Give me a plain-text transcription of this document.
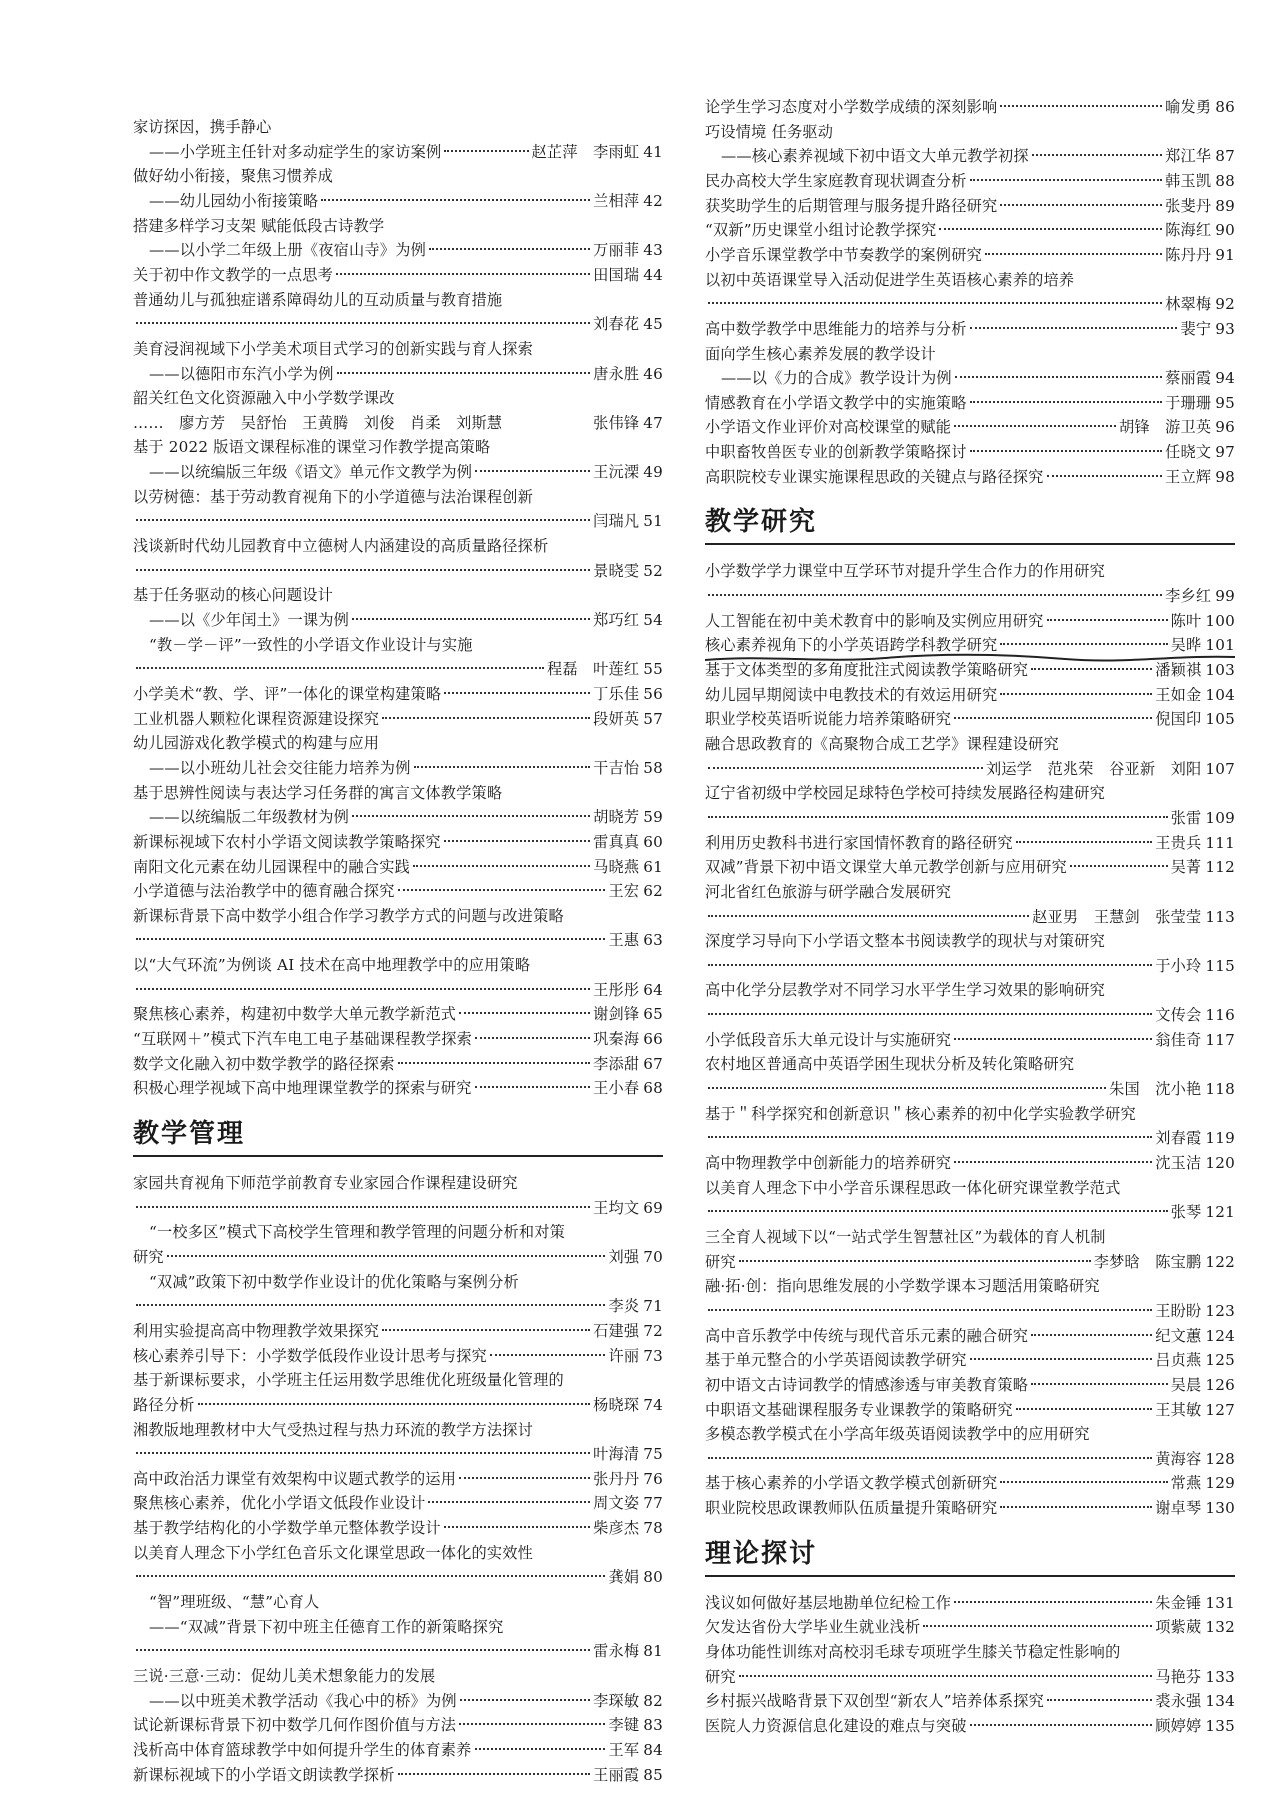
家访探因，携手静心
——小学班主任针对多动症学生的家访案例	赵芷萍　李雨虹 41
做好幼小衔接，聚焦习惯养成
——幼儿园幼小衔接策略	兰相萍 42
搭建多样学习支架 赋能低段古诗教学
——以小学二年级上册《夜宿山寺》为例	万丽菲 43
关于初中作文教学的一点思考	田国瑞 44
普通幼儿与孤独症谱系障碍幼儿的互动质量与教育措施
刘春花 45
美育浸润视域下小学美术项目式学习的创新实践与育人探索
——以德阳市东汽小学为例	唐永胜 46
韶关红色文化资源融入中小学数学课改
……　廖方芳　吴舒怡　王黄腾　刘俊　肖柔　刘斯慧	张伟锋 47
基于 2022 版语文课程标准的课堂习作教学提高策略
——以统编版三年级《语文》单元作文教学为例	王沅溧 49
以劳树德：基于劳动教育视角下的小学道德与法治课程创新
闫瑞凡 51
浅谈新时代幼儿园教育中立德树人内涵建设的高质量路径探析
景晓雯 52
基于任务驱动的核心问题设计
——以《少年闰土》一课为例	郑巧红 54
“教－学－评”一致性的小学语文作业设计与实施
程磊　叶莲红 55
小学美术“教、学、评”一体化的课堂构建策略	丁乐佳 56
工业机器人颗粒化课程资源建设探究	段妍英 57
幼儿园游戏化教学模式的构建与应用
——以小班幼儿社会交往能力培养为例	干吉怡 58
基于思辨性阅读与表达学习任务群的寓言文体教学策略
——以统编版二年级教材为例	胡晓芳 59
新课标视域下农村小学语文阅读教学策略探究	雷真真 60
南阳文化元素在幼儿园课程中的融合实践	马晓燕 61
小学道德与法治教学中的德育融合探究	王宏 62
新课标背景下高中数学小组合作学习教学方式的问题与改进策略
王惠 63
以“大气环流”为例谈 AI 技术在高中地理教学中的应用策略
王彤彤 64
聚焦核心素养，构建初中数学大单元教学新范式	谢剑锋 65
“互联网＋”模式下汽车电工电子基础课程教学探索	巩秦海 66
数学文化融入初中数学教学的路径探索	李添甜 67
积极心理学视域下高中地理课堂教学的探索与研究	王小春 68
教学管理
家园共育视角下师范学前教育专业家园合作课程建设研究
王均文 69
“一校多区”模式下高校学生管理和教学管理的问题分析和对策
研究	刘强 70
“双减”政策下初中数学作业设计的优化策略与案例分析
李炎 71
利用实验提高高中物理教学效果探究	石建强 72
核心素养引导下：小学数学低段作业设计思考与探究	许丽 73
基于新课标要求，小学班主任运用数学思维优化班级量化管理的
路径分析	杨晓琛 74
湘教版地理教材中大气受热过程与热力环流的教学方法探讨
叶海清 75
高中政治活力课堂有效架构中议题式教学的运用	张丹丹 76
聚焦核心素养，优化小学语文低段作业设计	周文姿 77
基于教学结构化的小学数学单元整体教学设计	柴彦杰 78
以美育人理念下小学红色音乐文化课堂思政一体化的实效性
龚娟 80
“智”理班级、“慧”心育人
——“双减”背景下初中班主任德育工作的新策略探究
雷永梅 81
三说·三意·三动：促幼儿美术想象能力的发展
——以中班美术教学活动《我心中的桥》为例	李琛敏 82
试论新课标背景下初中数学几何作图价值与方法	李键 83
浅析高中体育篮球教学中如何提升学生的体育素养	王军 84
新课标视域下的小学语文朗读教学探析	王丽霞 85
论学生学习态度对小学数学成绩的深刻影响	喻发勇 86
巧设情境 任务驱动
——核心素养视域下初中语文大单元教学初探	郑江华 87
民办高校大学生家庭教育现状调查分析	韩玉凯 88
获奖助学生的后期管理与服务提升路径研究	张斐丹 89
“双新”历史课堂小组讨论教学探究	陈海红 90
小学音乐课堂教学中节奏教学的案例研究	陈丹丹 91
以初中英语课堂导入活动促进学生英语核心素养的培养
林翠梅 92
高中数学教学中思维能力的培养与分析	裴宁 93
面向学生核心素养发展的教学设计
——以《力的合成》教学设计为例	蔡丽霞 94
情感教育在小学语文教学中的实施策略	于珊珊 95
小学语文作业评价对高校课堂的赋能	胡锋　游卫英 96
中职畜牧兽医专业的创新教学策略探讨	任晓文 97
高职院校专业课实施课程思政的关键点与路径探究	王立辉 98
教学研究
小学数学学力课堂中互学环节对提升学生合作力的作用研究
李乡红 99
人工智能在初中美术教育中的影响及实例应用研究	陈叶 100
核心素养视角下的小学英语跨学科教学研究	吴晔 101
基于文体类型的多角度批注式阅读教学策略研究	潘颖祺 103
幼儿园早期阅读中电教技术的有效运用研究	王如金 104
职业学校英语听说能力培养策略研究	倪国印 105
融合思政教育的《高聚物合成工艺学》课程建设研究
刘运学　范兆荣　谷亚新　刘阳 107
辽宁省初级中学校园足球特色学校可持续发展路径构建研究
张雷 109
利用历史教科书进行家国情怀教育的路径研究	王贵兵 111
双减”背景下初中语文课堂大单元教学创新与应用研究	吴菁 112
河北省红色旅游与研学融合发展研究
赵亚男　王慧剑　张莹莹 113
深度学习导向下小学语文整本书阅读教学的现状与对策研究
于小玲 115
高中化学分层教学对不同学习水平学生学习效果的影响研究
文传会 116
小学低段音乐大单元设计与实施研究	翁佳奇 117
农村地区普通高中英语学困生现状分析及转化策略研究
朱国　沈小艳 118
基于＂科学探究和创新意识＂核心素养的初中化学实验教学研究
刘春霞 119
高中物理教学中创新能力的培养研究	沈玉洁 120
以美育人理念下中小学音乐课程思政一体化研究课堂教学范式
张琴 121
三全育人视域下以“一站式学生智慧社区”为载体的育人机制
研究	李梦晗　陈宝鹏 122
融·拓·创：指向思维发展的小学数学课本习题活用策略研究
王盼盼 123
高中音乐教学中传统与现代音乐元素的融合研究	纪文蕙 124
基于单元整合的小学英语阅读教学研究	吕贞燕 125
初中语文古诗词教学的情感渗透与审美教育策略	吴晨 126
中职语文基础课程服务专业课教学的策略研究	王其敏 127
多模态教学模式在小学高年级英语阅读教学中的应用研究
黄海容 128
基于核心素养的小学语文教学模式创新研究	常燕 129
职业院校思政课教师队伍质量提升策略研究	谢卓琴 130
理论探讨
浅议如何做好基层地勘单位纪检工作	朱金锤 131
欠发达省份大学毕业生就业浅析	项紫葳 132
身体功能性训练对高校羽毛球专项班学生膝关节稳定性影响的
研究	马艳芬 133
乡村振兴战略背景下双创型“新农人”培养体系探究	裘永强 134
医院人力资源信息化建设的难点与突破	顾婷婷 135
